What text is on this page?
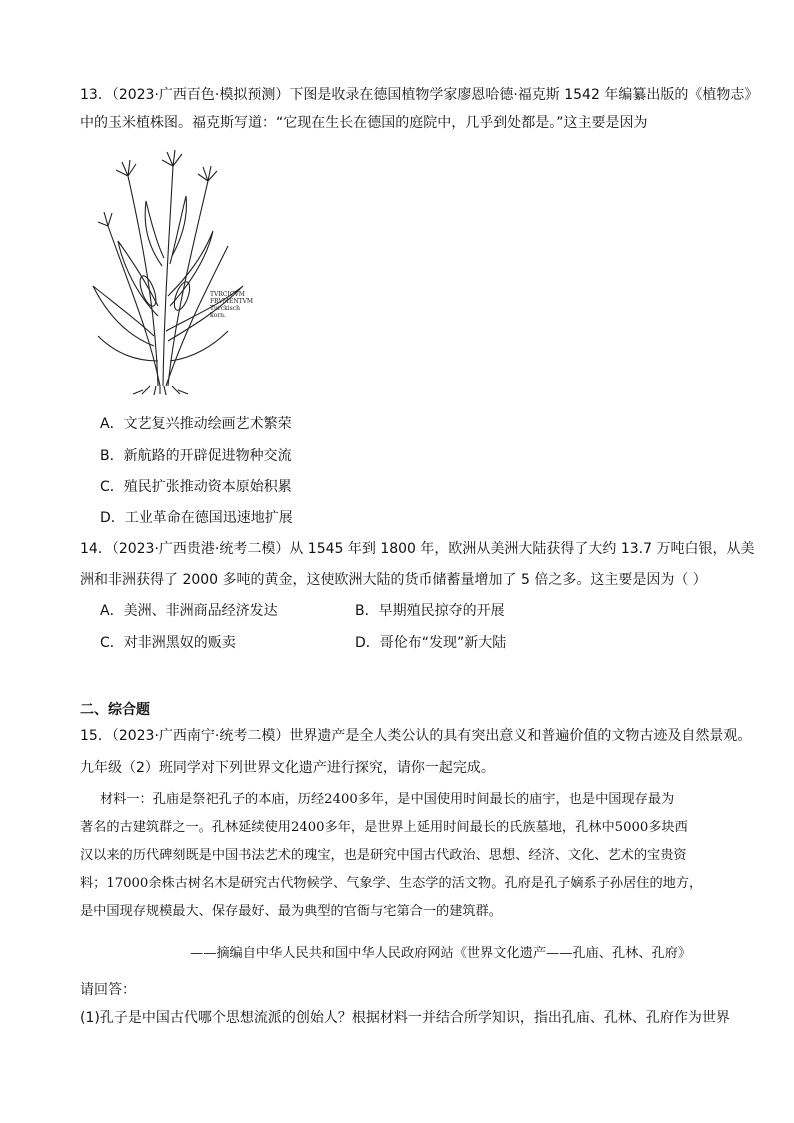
13．（2023·广西百色·模拟预测）下图是收录在德国植物学家廖恩哈德·福克斯 1542 年编纂出版的《植物志》
中的玉米植株图。福克斯写道：“它现在生长在德国的庭院中，几乎到处都是。”这主要是因为
TVRCICVM
FRVMENTVM
Turckisch korn.
A．文艺复兴推动绘画艺术繁荣
B．新航路的开辟促进物种交流
C．殖民扩张推动资本原始积累
D．工业革命在德国迅速地扩展
14．（2023·广西贵港·统考二模）从 1545 年到 1800 年，欧洲从美洲大陆获得了大约 13.7 万吨白银，从美
洲和非洲获得了 2000 多吨的黄金，这使欧洲大陆的货币储蓄量增加了 5 倍之多。这主要是因为（ ）
A．美洲、非洲商品经济发达	B．早期殖民掠夺的开展
C．对非洲黑奴的贩卖	D．哥伦布“发现”新大陆
二、综合题
15．（2023·广西南宁·统考二模）世界遗产是全人类公认的具有突出意义和普遍价值的文物古迹及自然景观。
九年级（2）班同学对下列世界文化遗产进行探究，请你一起完成。
材料一：孔庙是祭祀孔子的本庙，历经2400多年，是中国使用时间最长的庙宇，也是中国现存最为
著名的古建筑群之一。孔林延续使用2400多年，是世界上延用时间最长的氏族墓地，孔林中5000多块西
汉以来的历代碑刻既是中国书法艺术的瑰宝，也是研究中国古代政治、思想、经济、文化、艺术的宝贵资
料；17000余株古树名木是研究古代物候学、气象学、生态学的活文物。孔府是孔子嫡系子孙居住的地方，
是中国现存规模最大、保存最好、最为典型的官衙与宅第合一的建筑群。
——摘编自中华人民共和国中华人民政府网站《世界文化遗产——孔庙、孔林、孔府》
请回答：
(1)孔子是中国古代哪个思想流派的创始人？根据材料一并结合所学知识，指出孔庙、孔林、孔府作为世界
